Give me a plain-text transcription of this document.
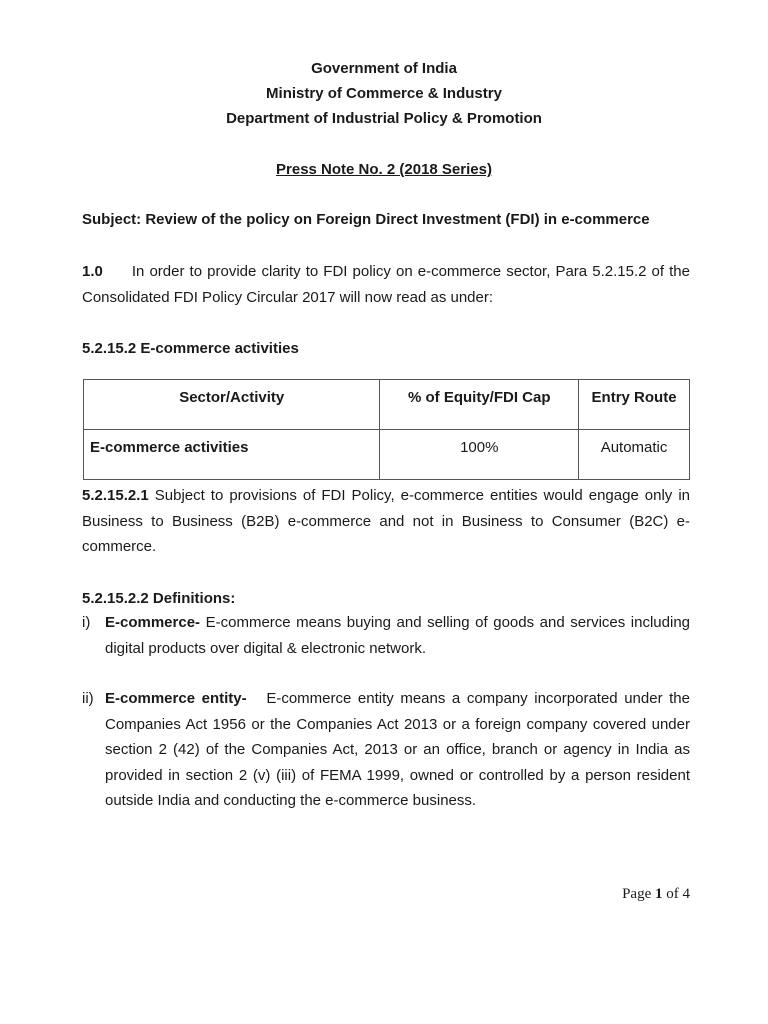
Government of India
Ministry of Commerce & Industry
Department of Industrial Policy & Promotion
Press Note No. 2 (2018 Series)
Subject: Review of the policy on Foreign Direct Investment (FDI) in e-commerce
1.0 In order to provide clarity to FDI policy on e-commerce sector, Para 5.2.15.2 of the Consolidated FDI Policy Circular 2017 will now read as under:
5.2.15.2 E-commerce activities
Sector/Activity	% of Equity/FDI Cap	Entry Route

E-commerce activities	100%	Automatic
5.2.15.2.1 Subject to provisions of FDI Policy, e-commerce entities would engage only in Business to Business (B2B) e-commerce and not in Business to Consumer (B2C) e-commerce.
5.2.15.2.2 Definitions:
i) E-commerce- E-commerce means buying and selling of goods and services including digital products over digital & electronic network.
ii) E-commerce entity- E-commerce entity means a company incorporated under the Companies Act 1956 or the Companies Act 2013 or a foreign company covered under section 2 (42) of the Companies Act, 2013 or an office, branch or agency in India as provided in section 2 (v) (iii) of FEMA 1999, owned or controlled by a person resident outside India and conducting the e-commerce business.
Page 1 of 4
